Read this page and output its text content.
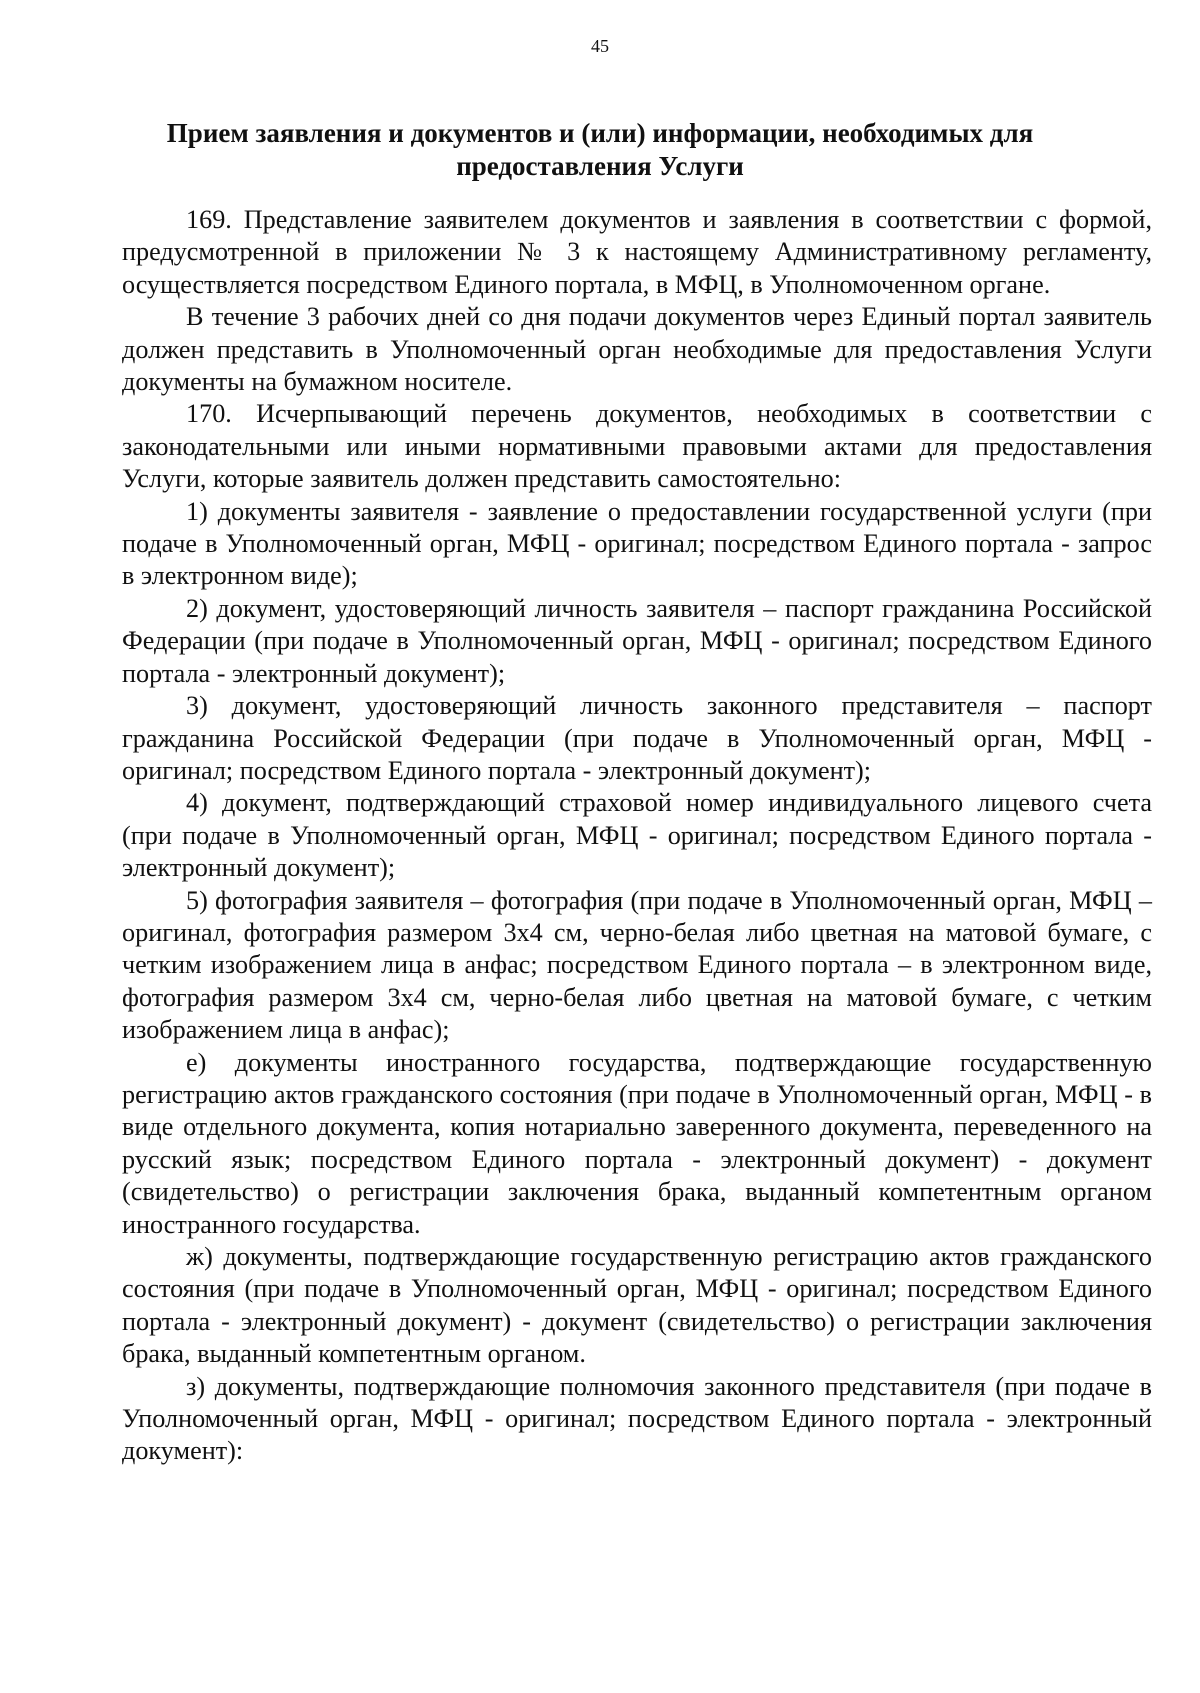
45
Прием заявления и документов и (или) информации, необходимых для предоставления Услуги

169. Представление заявителем документов и заявления в соответствии с формой, предусмотренной в приложении № 3 к настоящему Административному регламенту, осуществляется посредством Единого портала, в МФЦ, в Уполномоченном органе.

В течение 3 рабочих дней со дня подачи документов через Единый портал заявитель должен представить в Уполномоченный орган необходимые для предоставления Услуги документы на бумажном носителе.

170. Исчерпывающий перечень документов, необходимых в соответствии с законодательными или иными нормативными правовыми актами для предоставления Услуги, которые заявитель должен представить самостоятельно:

1) документы заявителя - заявление о предоставлении государственной услуги (при подаче в Уполномоченный орган, МФЦ - оригинал; посредством Единого портала - запрос в электронном виде);

2) документ, удостоверяющий личность заявителя – паспорт гражданина Российской Федерации (при подаче в Уполномоченный орган, МФЦ - оригинал; посредством Единого портала - электронный документ);

3) документ, удостоверяющий личность законного представителя – паспорт гражданина Российской Федерации (при подаче в Уполномоченный орган, МФЦ - оригинал; посредством Единого портала - электронный документ);

4) документ, подтверждающий страховой номер индивидуального лицевого счета (при подаче в Уполномоченный орган, МФЦ - оригинал; посредством Единого портала - электронный документ);

5) фотография заявителя – фотография (при подаче в Уполномоченный орган, МФЦ – оригинал, фотография размером 3х4 см, черно-белая либо цветная на матовой бумаге, с четким изображением лица в анфас; посредством Единого портала – в электронном виде, фотография размером 3х4 см, черно-белая либо цветная на матовой бумаге, с четким изображением лица в анфас);

е) документы иностранного государства, подтверждающие государственную регистрацию актов гражданского состояния (при подаче в Уполномоченный орган, МФЦ - в виде отдельного документа, копия нотариально заверенного документа, переведенного на русский язык; посредством Единого портала - электронный документ) - документ (свидетельство) о регистрации заключения брака, выданный компетентным органом иностранного государства.

ж) документы, подтверждающие государственную регистрацию актов гражданского состояния (при подаче в Уполномоченный орган, МФЦ - оригинал; посредством Единого портала - электронный документ) - документ (свидетельство) о регистрации заключения брака, выданный компетентным органом.

з) документы, подтверждающие полномочия законного представителя (при подаче в Уполномоченный орган, МФЦ - оригинал; посредством Единого портала - электронный документ):
